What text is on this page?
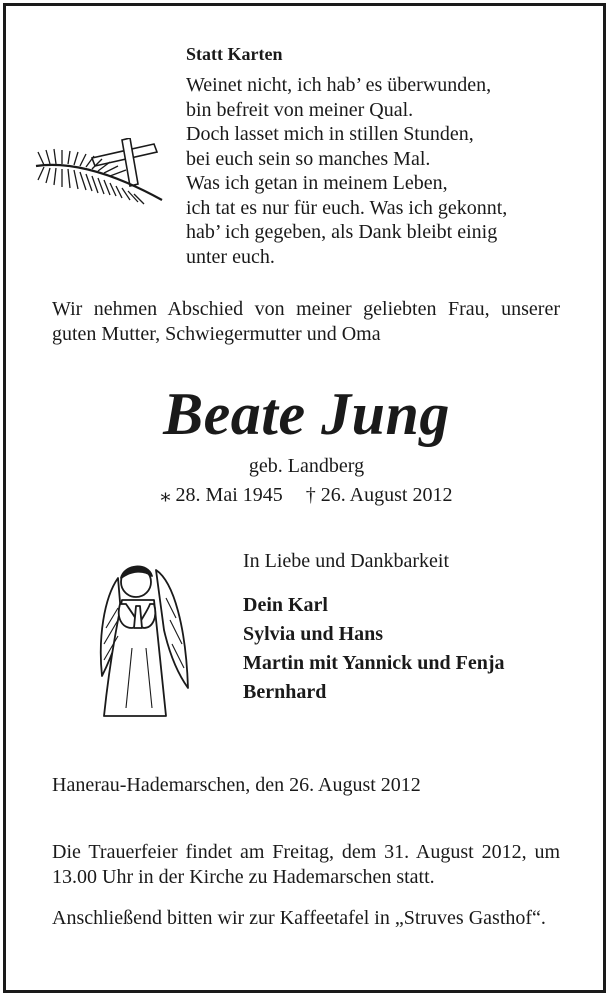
Statt Karten
Weinet nicht, ich hab’ es überwunden,
bin befreit von meiner Qual.
Doch lasset mich in stillen Stunden,
bei euch sein so manches Mal.
Was ich getan in meinem Leben,
ich tat es nur für euch. Was ich gekonnt,
hab’ ich gegeben, als Dank bleibt einig
unter euch.
Wir nehmen Abschied von meiner geliebten Frau, unserer guten Mutter, Schwiegermutter und Oma
Beate Jung
geb. Landberg
⁎ 28. Mai 1945 † 26. August 2012
In Liebe und Dankbarkeit
Dein Karl
Sylvia und Hans
Martin mit Yannick und Fenja
Bernhard
Hanerau-Hademarschen, den 26. August 2012
Die Trauerfeier findet am Freitag, dem 31. August 2012, um 13.00 Uhr in der Kirche zu Hademarschen statt.
Anschließend bitten wir zur Kaffeetafel in „Struves Gasthof“.
